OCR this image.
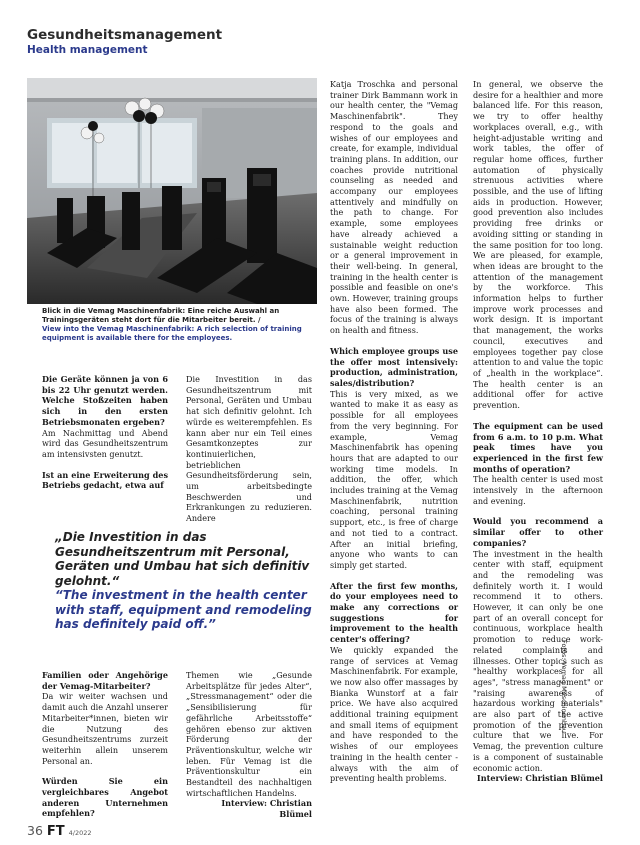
Gesundheitsmanagement
Health management
Blick in die Vemag Maschinenfabrik: Eine reiche Auswahl an Trainingsgeräten steht dort für die Mitarbeiter bereit. /
View into the Vemag Maschinenfabrik: A rich selection of training equipment is available there for the employees.

Die Geräte können ja von 6 bis 22 Uhr genutzt werden. Welche Stoßzeiten haben sich in den ersten Betriebsmonaten ergeben?

Am Nachmittag und Abend wird das Gesundheitszentrum am intensivsten genutzt.

Ist an eine Erweiterung des Betriebs gedacht, etwa auf

Die Investition in das Gesundheitszentrum mit Personal, Geräten und Umbau hat sich definitiv gelohnt. Ich würde es weiterempfehlen. Es kann aber nur ein Teil eines Gesamtkonzeptes zur kontinuierlichen, betrieblichen Gesundheitsförderung sein, um arbeitsbedingte Beschwerden und Erkrankungen zu reduzieren. Andere

„Die Investition in das Gesundheitszentrum mit Personal, Geräten und Umbau hat sich definitiv gelohnt.“
“The investment in the health center with staff, equipment and remodeling has definitely paid off.”

Familien oder Angehörige der Vemag-Mitarbeiter?

Da wir weiter wachsen und damit auch die Anzahl unserer Mitarbeiter*innen, bieten wir die Nutzung des Gesundheitszentrums zurzeit weiterhin allein unserem Personal an.

Würden Sie ein vergleichbares Angebot anderen Unternehmen empfehlen?

Themen wie „Gesunde Arbeitsplätze für jedes Alter“, „Stressmanagement“ oder die „Sensibilisierung für gefährliche Arbeitsstoffe“ gehören ebenso zur aktiven Förderung der Präventionskultur, welche wir leben. Für Vemag ist die Präventionskultur ein Bestandteil des nachhaltigen wirtschaftlichen Handelns.

Interview: Christian Blümel

Katja Troschka and personal trainer Dirk Bammann work in our health center, the "Vemag Maschinenfabrik". They respond to the goals and wishes of our employees and create, for example, individual training plans. In addition, our coaches provide nutritional counseling as needed and accompany our employees attentively and mindfully on the path to change. For example, some employees have already achieved a sustainable weight reduction or a general improvement in their well-being. In general, training in the health center is possible and feasible on one's own. However, training groups have also been formed. The focus of the training is always on health and fitness.

Which employee groups use the offer most intensively: production, administration, sales/distribution?

This is very mixed, as we wanted to make it as easy as possible for all employees from the very beginning. For example, Vemag Maschinenfabrik has opening hours that are adapted to our working time models. In addition, the offer, which includes training at the Vemag Maschinenfabrik, nutrition coaching, personal training support, etc., is free of charge and not tied to a contract. After an initial briefing, anyone who wants to can simply get started.

After the first few months, do your employees need to make any corrections or suggestions for improvement to the health center's offering?

We quickly expanded the range of services at Vemag Maschinenfabrik. For example, we now also offer massages by Bianka Wunstorf at a fair price. We have also acquired additional training equipment and small items of equipment and have responded to the wishes of our employees training in the health center - always with the aim of preventing health problems.

In general, we observe the desire for a healthier and more balanced life. For this reason, we try to offer healthy workplaces overall, e.g., with height-adjustable writing and work tables, the offer of regular home offices, further automation of physically strenuous activities where possible, and the use of lifting aids in production. However, good prevention also includes providing free drinks or avoiding sitting or standing in the same position for too long. We are pleased, for example, when ideas are brought to the attention of the management by the workforce. This information helps to further improve work processes and work design. It is important that management, the works council, executives and employees together pay close attention to and value the topic of „health in the workplace“. The health center is an additional offer for active prevention.

The equipment can be used from 6 a.m. to 10 p.m. What peak times have you experienced in the first few months of operation?

The health center is used most intensively in the afternoon and evening.

Would you recommend a similar offer to other companies?

The investment in the health center with staff, equipment and the remodeling was definitely worth it. I would recommend it to others. However, it can only be one part of an overall concept for continuous, workplace health promotion to reduce work-related complaints and illnesses. Other topics such as "healthy workplaces for all ages", "stress management" or "raising awareness of hazardous working materials" are also part of the active promotion of the prevention culture that we live. For Vemag, the prevention culture is a component of sustainable economic action.

Interview: Christian Blümel

36 FT 4/2022
Fotos: Vemag Maschinenbau
